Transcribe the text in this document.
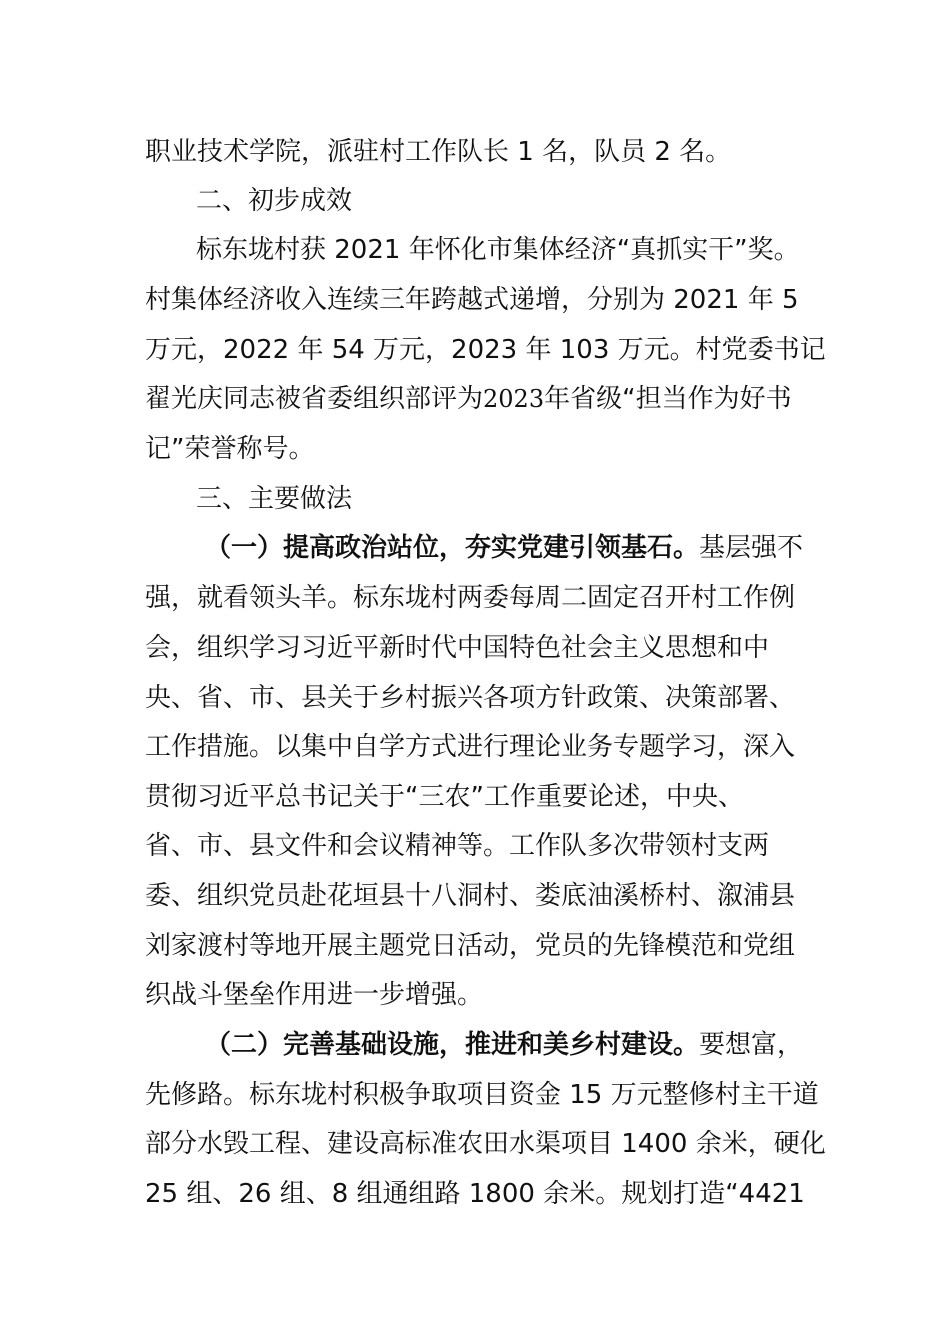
职业技术学院，派驻村工作队长 1 名，队员 2 名。
二、初步成效
标东垅村获 2021 年怀化市集体经济“真抓实干”奖。
村集体经济收入连续三年跨越式递增，分别为 2021 年 5
万元，2022 年 54 万元，2023 年 103 万元。村党委书记
翟光庆同志被省委组织部评为2023年省级“担当作为好书
记”荣誉称号。
三、主要做法
（一）提高政治站位，夯实党建引领基石。基层强不
强，就看领头羊。标东垅村两委每周二固定召开村工作例
会，组织学习习近平新时代中国特色社会主义思想和中
央、省、市、县关于乡村振兴各项方针政策、决策部署、
工作措施。以集中自学方式进行理论业务专题学习，深入
贯彻习近平总书记关于“三农”工作重要论述，中央、
省、市、县文件和会议精神等。工作队多次带领村支两
委、组织党员赴花垣县十八洞村、娄底油溪桥村、溆浦县
刘家渡村等地开展主题党日活动，党员的先锋模范和党组
织战斗堡垒作用进一步增强。
（二）完善基础设施，推进和美乡村建设。要想富，
先修路。标东垅村积极争取项目资金 15 万元整修村主干道
部分水毁工程、建设高标准农田水渠项目 1400 余米，硬化
25 组、26 组、8 组通组路 1800 余米。规划打造“4421
